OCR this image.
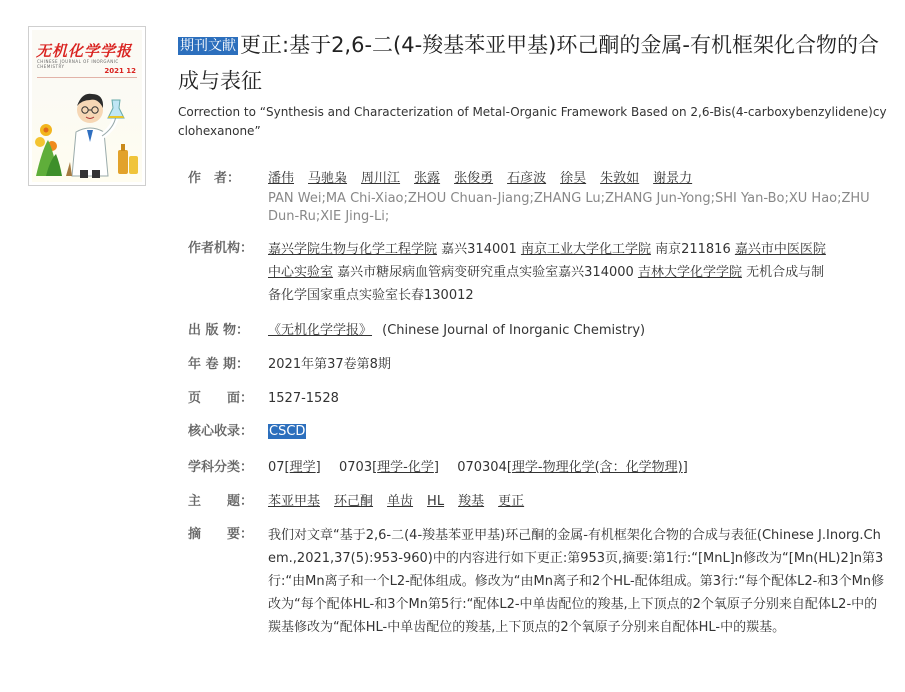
无机化学学报
CHINESE JOURNAL OF INORGANIC CHEMISTRY
2021 12
期刊文献 更正:基于2,6-二(4-羧基苯亚甲基)环己酮的金属-有机框架化合物的合成与表征
Correction to “Synthesis and Characterization of Metal-Organic Framework Based on 2,6-Bis(4-carboxybenzylidene)cyclohexanone”
作　者：	潘伟 马驰枭 周川江 张露 张俊勇 石彦波 徐昊 朱敦如 谢景力
PAN Wei;MA Chi-Xiao;ZHOU Chuan-Jiang;ZHANG Lu;ZHANG Jun-Yong;SHI Yan-Bo;XU Hao;ZHU Dun-Ru;XIE Jing-Li;
作者机构：	嘉兴学院生物与化学工程学院 嘉兴314001 南京工业大学化工学院 南京211816 嘉兴市中医医院
中心实验室 嘉兴市糖尿病血管病变研究重点实验室嘉兴314000 吉林大学化学学院 无机合成与制
备化学国家重点实验室长春130012
出 版 物：	《无机化学学报》 (Chinese Journal of Inorganic Chemistry)
年 卷 期：	2021年第37卷第8期
页　　面：	1527-1528
核心收录：	CSCD
学科分类：	07[理学] 0703[理学-化学] 070304[理学-物理化学(含：化学物理)]
主　　题：	苯亚甲基 环己酮 单齿 HL 羧基 更正
摘　　要：	我们对文章“基于2,6-二(4-羧基苯亚甲基)环己酮的金属-有机框架化合物的合成与表征(Chinese J.Inorg.Chem.,2021,37(5):953-960)中的内容进行如下更正:第953页,摘要:第1行:“[MnL]n修改为“[Mn(HL)2]n第3行:“由Mn离子和一个L2-配体组成。修改为“由Mn离子和2个HL-配体组成。第3行:“每个配体L2-和3个Mn修改为“每个配体HL-和3个Mn第5行:“配体L2-中单齿配位的羧基,上下顶点的2个氧原子分别来自配体L2-中的羰基修改为“配体HL-中单齿配位的羧基,上下顶点的2个氧原子分别来自配体HL-中的羰基。
